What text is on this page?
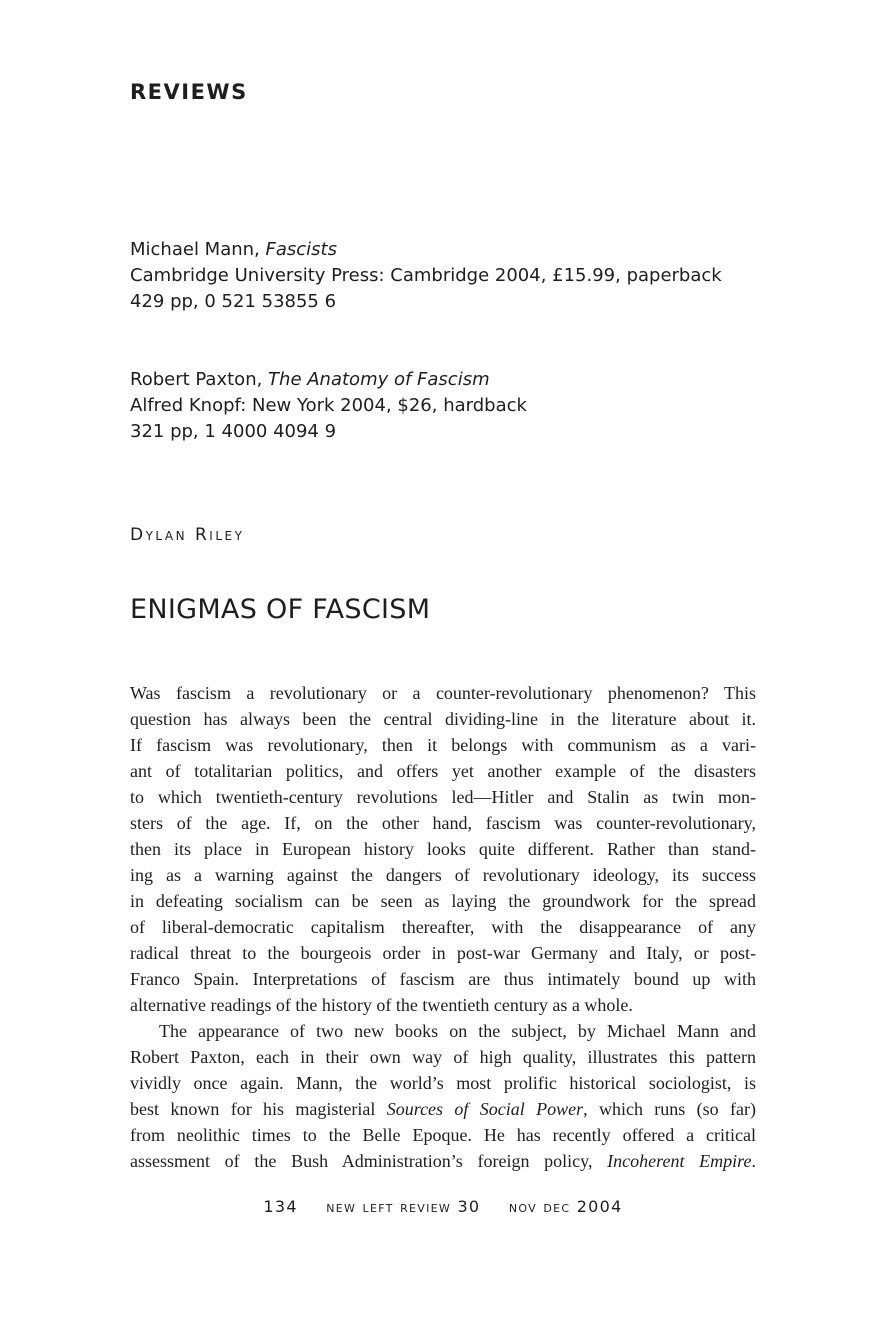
REVIEWS
Michael Mann, Fascists
Cambridge University Press: Cambridge 2004, £15.99, paperback
429 pp, 0 521 53855 6
Robert Paxton, The Anatomy of Fascism
Alfred Knopf: New York 2004, $26, hardback
321 pp, 1 4000 4094 9
Dylan Riley
ENIGMAS OF FASCISM
Was fascism a revolutionary or a counter-revolutionary phenomenon? This
question has always been the central dividing-line in the literature about it.
If fascism was revolutionary, then it belongs with communism as a vari-
ant of totalitarian politics, and offers yet another example of the disasters
to which twentieth-century revolutions led—Hitler and Stalin as twin mon-
sters of the age. If, on the other hand, fascism was counter-revolutionary,
then its place in European history looks quite different. Rather than stand-
ing as a warning against the dangers of revolutionary ideology, its success
in defeating socialism can be seen as laying the groundwork for the spread
of liberal-democratic capitalism thereafter, with the disappearance of any
radical threat to the bourgeois order in post-war Germany and Italy, or post-
Franco Spain. Interpretations of fascism are thus intimately bound up with
alternative readings of the history of the twentieth century as a whole.
The appearance of two new books on the subject, by Michael Mann and
Robert Paxton, each in their own way of high quality, illustrates this pattern
vividly once again. Mann, the world’s most prolific historical sociologist, is
best known for his magisterial Sources of Social Power, which runs (so far)
from neolithic times to the Belle Epoque. He has recently offered a critical
assessment of the Bush Administration’s foreign policy, Incoherent Empire.
134 new left review 30 nov dec 2004
